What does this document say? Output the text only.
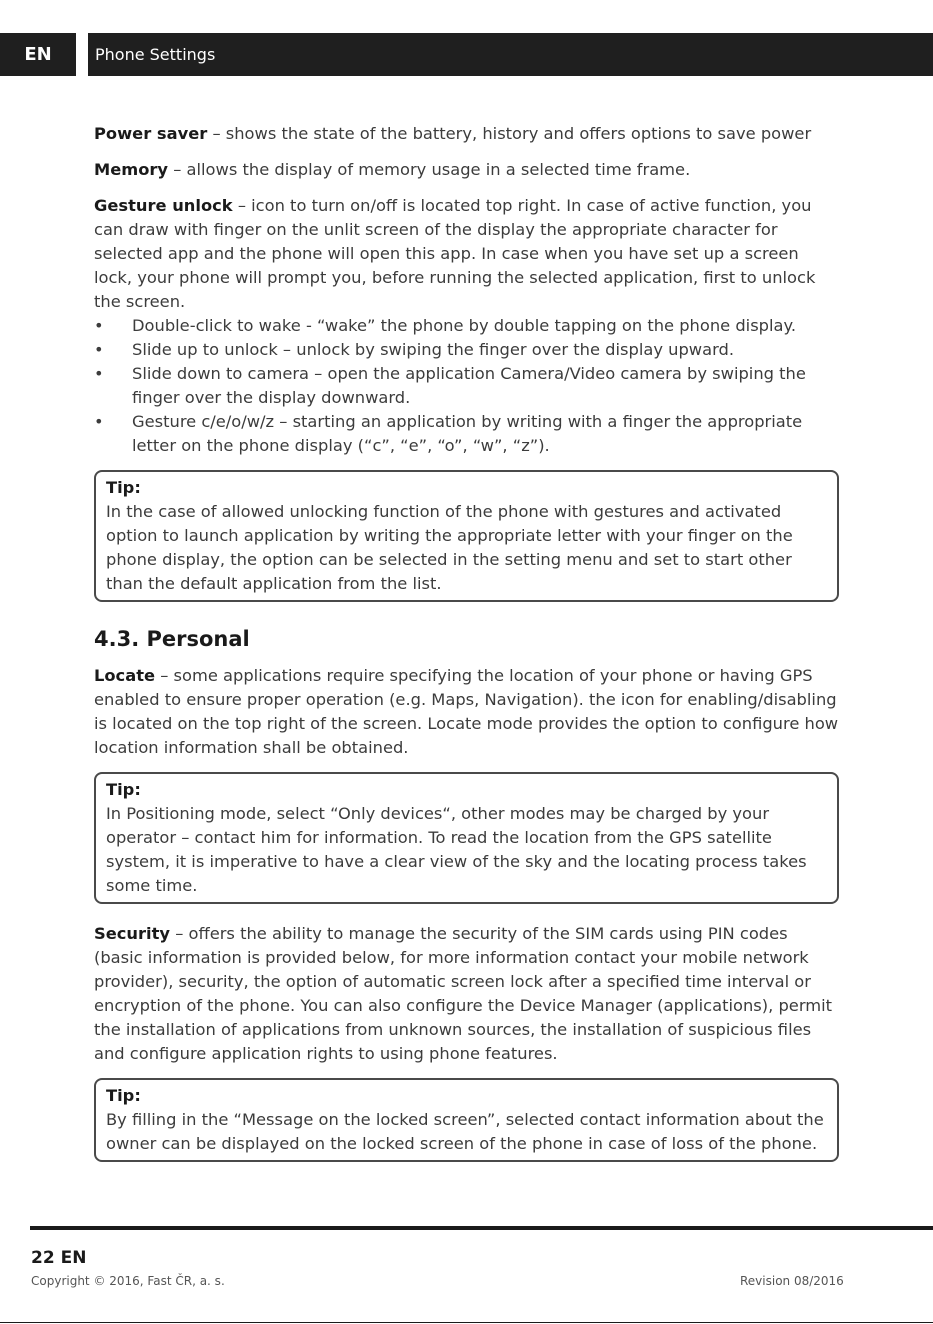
EN	Phone Settings

Power saver – shows the state of the battery, history and offers options to save power

Memory – allows the display of memory usage in a selected time frame.

Gesture unlock – icon to turn on/off is located top right. In case of active function, you can draw with finger on the unlit screen of the display the appropriate character for selected app and the phone will open this app. In case when you have set up a screen lock, your phone will prompt you, before running the selected application, first to unlock the screen.

• Double-click to wake - “wake” the phone by double tapping on the phone display.
• Slide up to unlock – unlock by swiping the finger over the display upward.
• Slide down to camera – open the application Camera/Video camera by swiping the finger over the display downward.
• Gesture c/e/o/w/z – starting an application by writing with a finger the appropriate letter on the phone display (“c”, “e”, “o”, “w”, “z”).
Tip:
In the case of allowed unlocking function of the phone with gestures and activated option to launch application by writing the appropriate letter with your finger on the phone display, the option can be selected in the setting menu and set to start other than the default application from the list.
4.3. Personal

Locate – some applications require specifying the location of your phone or having GPS enabled to ensure proper operation (e.g. Maps, Navigation). the icon for enabling/disabling is located on the top right of the screen. Locate mode provides the option to configure how location information shall be obtained.

Tip:
In Positioning mode, select “Only devices“, other modes may be charged by your operator – contact him for information. To read the location from the GPS satellite system, it is imperative to have a clear view of the sky and the locating process takes some time.

Security – offers the ability to manage the security of the SIM cards using PIN codes (basic information is provided below, for more information contact your mobile network provider), security, the option of automatic screen lock after a specified time interval or encryption of the phone. You can also configure the Device Manager (applications), permit the installation of applications from unknown sources, the installation of suspicious files and configure application rights to using phone features.

Tip:
By filling in the “Message on the locked screen”, selected contact information about the owner can be displayed on the locked screen of the phone in case of loss of the phone.
22 EN
Copyright © 2016, Fast ČR, a. s.	Revision 08/2016
